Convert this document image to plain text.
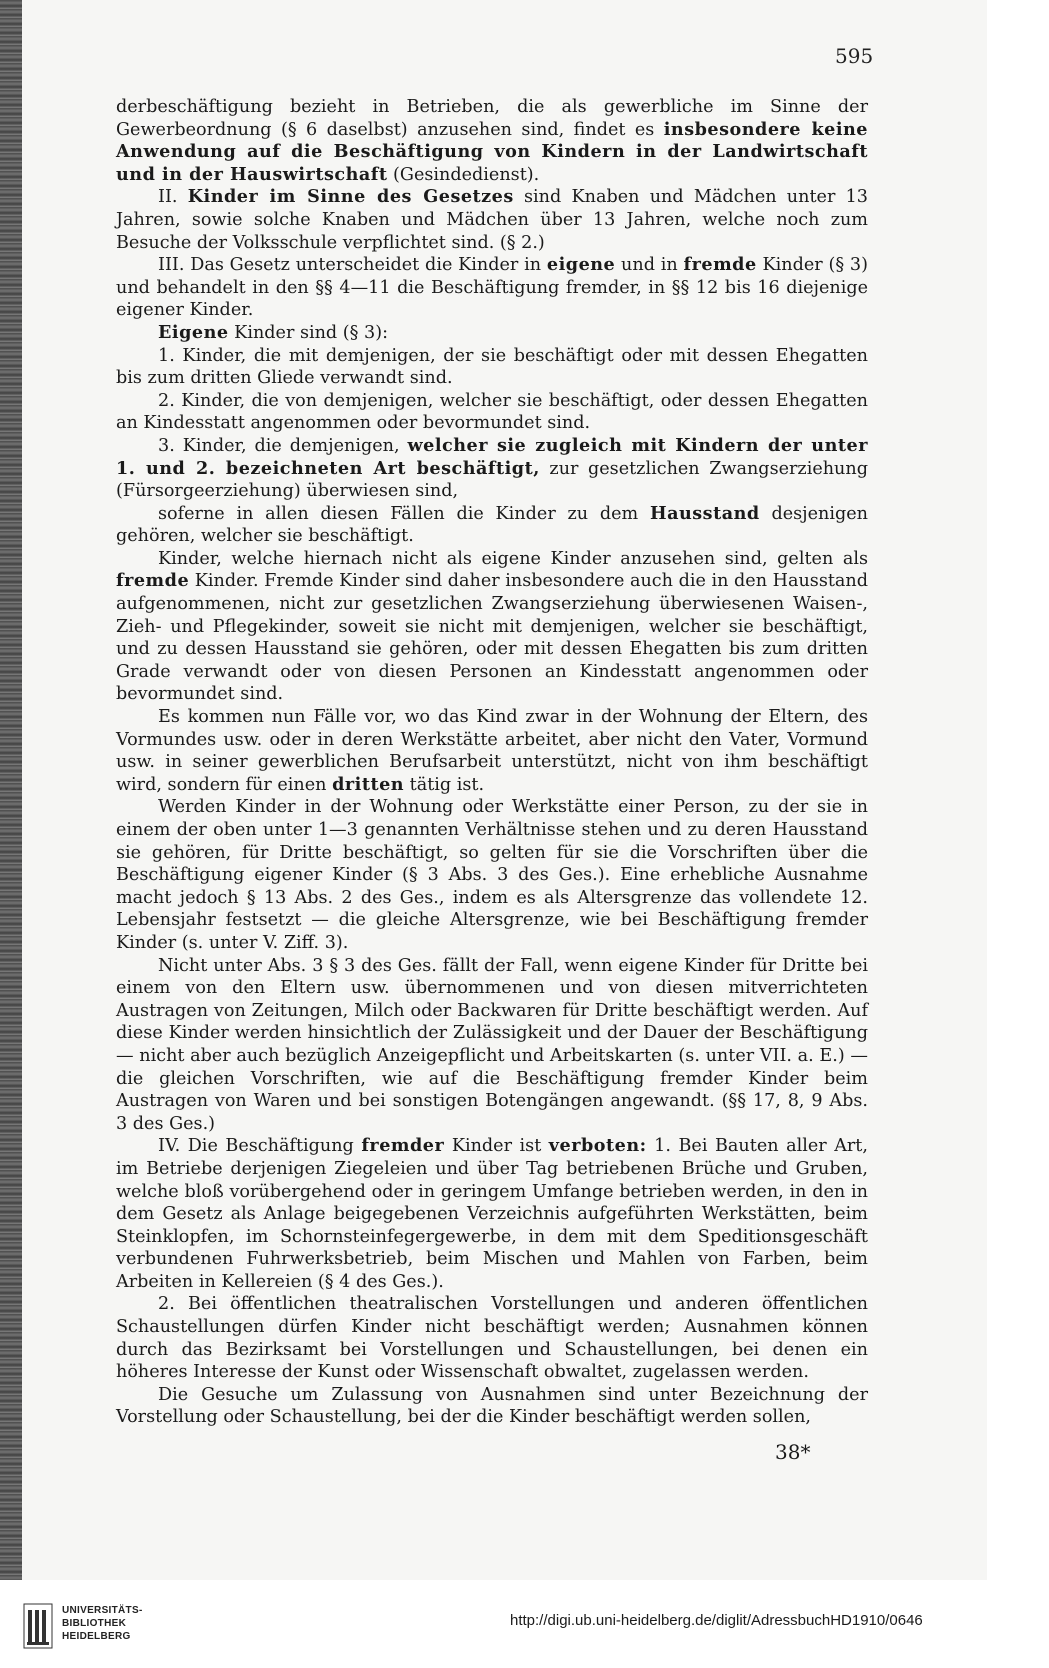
595

derbeschäftigung bezieht in Betrieben, die als gewerbliche im Sinne der Gewerbeordnung (§ 6 daselbst) anzusehen sind, findet es insbesondere keine Anwendung auf die Beschäftigung von Kindern in der Landwirtschaft und in der Hauswirtschaft (Gesindedienst).

II. Kinder im Sinne des Gesetzes sind Knaben und Mädchen unter 13 Jahren, sowie solche Knaben und Mädchen über 13 Jahren, welche noch zum Besuche der Volksschule verpflichtet sind. (§ 2.)

III. Das Gesetz unterscheidet die Kinder in eigene und in fremde Kinder (§ 3) und behandelt in den §§ 4—11 die Beschäftigung fremder, in §§ 12 bis 16 diejenige eigener Kinder.

Eigene Kinder sind (§ 3):

1. Kinder, die mit demjenigen, der sie beschäftigt oder mit dessen Ehegatten bis zum dritten Gliede verwandt sind.

2. Kinder, die von demjenigen, welcher sie beschäftigt, oder dessen Ehegatten an Kindesstatt angenommen oder bevormundet sind.

3. Kinder, die demjenigen, welcher sie zugleich mit Kindern der unter 1. und 2. bezeichneten Art beschäftigt, zur gesetzlichen Zwangserziehung (Fürsorgeerziehung) überwiesen sind,

soferne in allen diesen Fällen die Kinder zu dem Hausstand desjenigen gehören, welcher sie beschäftigt.

Kinder, welche hiernach nicht als eigene Kinder anzusehen sind, gelten als fremde Kinder. Fremde Kinder sind daher insbesondere auch die in den Hausstand aufgenommenen, nicht zur gesetzlichen Zwangserziehung überwiesenen Waisen-, Zieh- und Pflegekinder, soweit sie nicht mit demjenigen, welcher sie beschäftigt, und zu dessen Hausstand sie gehören, oder mit dessen Ehegatten bis zum dritten Grade verwandt oder von diesen Personen an Kindesstatt angenommen oder bevormundet sind.

Es kommen nun Fälle vor, wo das Kind zwar in der Wohnung der Eltern, des Vormundes usw. oder in deren Werkstätte arbeitet, aber nicht den Vater, Vormund usw. in seiner gewerblichen Berufsarbeit unterstützt, nicht von ihm beschäftigt wird, sondern für einen dritten tätig ist.

Werden Kinder in der Wohnung oder Werkstätte einer Person, zu der sie in einem der oben unter 1—3 genannten Verhältnisse stehen und zu deren Hausstand sie gehören, für Dritte beschäftigt, so gelten für sie die Vorschriften über die Beschäftigung eigener Kinder (§ 3 Abs. 3 des Ges.). Eine erhebliche Ausnahme macht jedoch § 13 Abs. 2 des Ges., indem es als Altersgrenze das vollendete 12. Lebensjahr festsetzt — die gleiche Altersgrenze, wie bei Beschäftigung fremder Kinder (s. unter V. Ziff. 3).

Nicht unter Abs. 3 § 3 des Ges. fällt der Fall, wenn eigene Kinder für Dritte bei einem von den Eltern usw. übernommenen und von diesen mitverrichteten Austragen von Zeitungen, Milch oder Backwaren für Dritte beschäftigt werden. Auf diese Kinder werden hinsichtlich der Zulässigkeit und der Dauer der Beschäftigung — nicht aber auch bezüglich Anzeigepflicht und Arbeitskarten (s. unter VII. a. E.) — die gleichen Vorschriften, wie auf die Beschäftigung fremder Kinder beim Austragen von Waren und bei sonstigen Botengängen angewandt. (§§ 17, 8, 9 Abs. 3 des Ges.)

IV. Die Beschäftigung fremder Kinder ist verboten: 1. Bei Bauten aller Art, im Betriebe derjenigen Ziegeleien und über Tag betriebenen Brüche und Gruben, welche bloß vorübergehend oder in geringem Umfange betrieben werden, in den in dem Gesetz als Anlage beigegebenen Verzeichnis aufgeführten Werkstätten, beim Steinklopfen, im Schornsteinfegergewerbe, in dem mit dem Speditionsgeschäft verbundenen Fuhrwerksbetrieb, beim Mischen und Mahlen von Farben, beim Arbeiten in Kellereien (§ 4 des Ges.).

2. Bei öffentlichen theatralischen Vorstellungen und anderen öffentlichen Schaustellungen dürfen Kinder nicht beschäftigt werden; Ausnahmen können durch das Bezirksamt bei Vorstellungen und Schaustellungen, bei denen ein höheres Interesse der Kunst oder Wissenschaft obwaltet, zugelassen werden.

Die Gesuche um Zulassung von Ausnahmen sind unter Bezeichnung der Vorstellung oder Schaustellung, bei der die Kinder beschäftigt werden sollen,

38*
UNIVERSITÄTS-
BIBLIOTHEK
HEIDELBERG
http://digi.ub.uni-heidelberg.de/diglit/AdressbuchHD1910/0646
